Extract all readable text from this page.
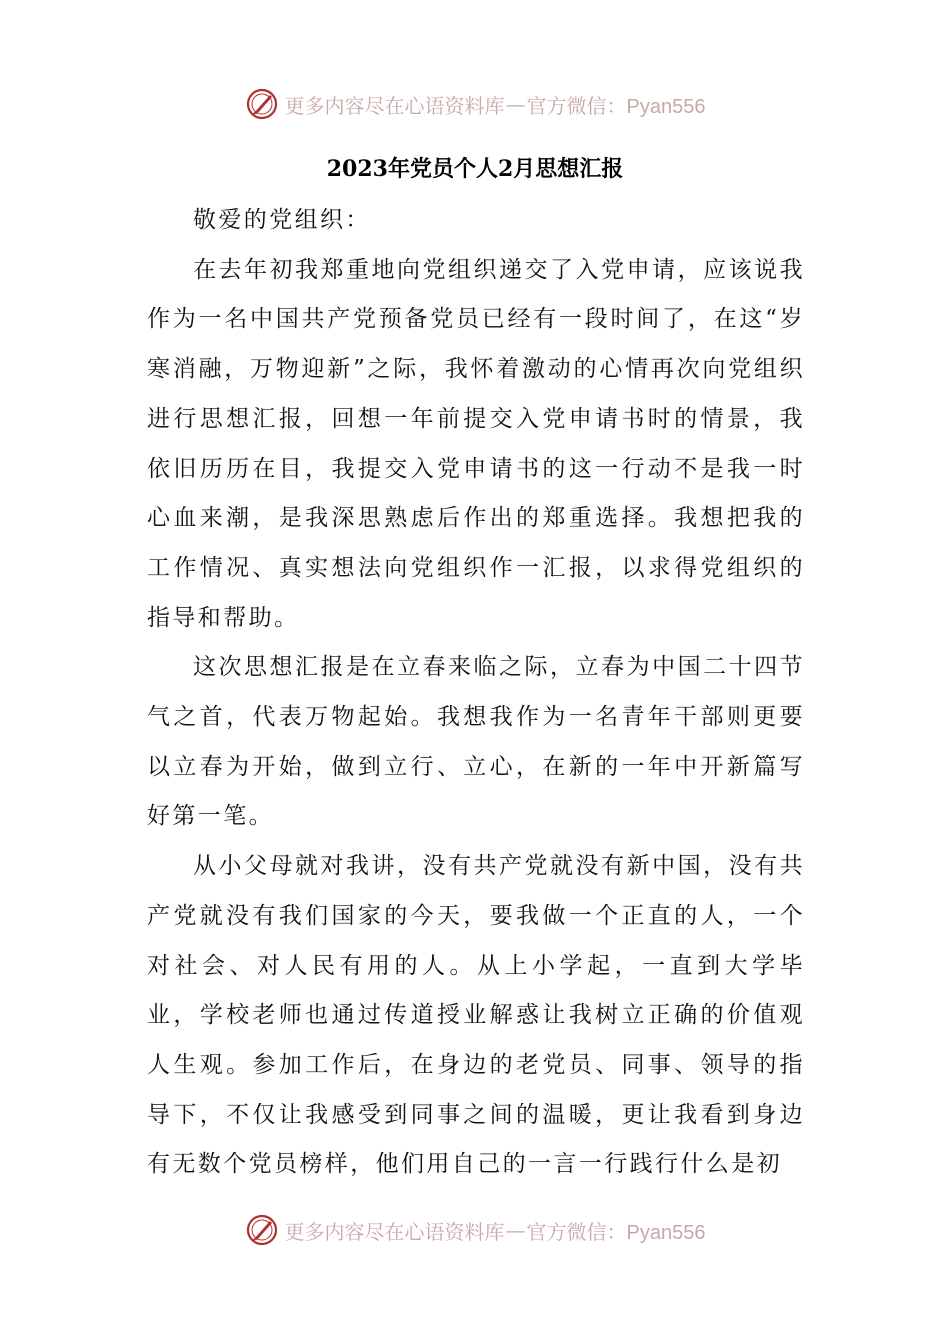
更多内容尽在心语资料库 — 官方微信：Pyan556
2023年党员个人2月思想汇报

敬爱的党组织：

在去年初我郑重地向党组织递交了入党申请，应该说我作为一名中国共产党预备党员已经有一段时间了，在这“岁寒消融，万物迎新”之际，我怀着激动的心情再次向党组织进行思想汇报，回想一年前提交入党申请书时的情景，我依旧历历在目，我提交入党申请书的这一行动不是我一时心血来潮，是我深思熟虑后作出的郑重选择。我想把我的工作情况、真实想法向党组织作一汇报，以求得党组织的指导和帮助。

这次思想汇报是在立春来临之际，立春为中国二十四节气之首，代表万物起始。我想我作为一名青年干部则更要以立春为开始，做到立行、立心，在新的一年中开新篇写好第一笔。

从小父母就对我讲，没有共产党就没有新中国，没有共产党就没有我们国家的今天，要我做一个正直的人，一个对社会、对人民有用的人。从上小学起，一直到大学毕业，学校老师也通过传道授业解惑让我树立正确的价值观人生观。参加工作后，在身边的老党员、同事、领导的指导下，不仅让我感受到同事之间的温暖，更让我看到身边有无数个党员榜样，他们用自己的一言一行践行什么是初

更多内容尽在心语资料库 — 官方微信：Pyan556
